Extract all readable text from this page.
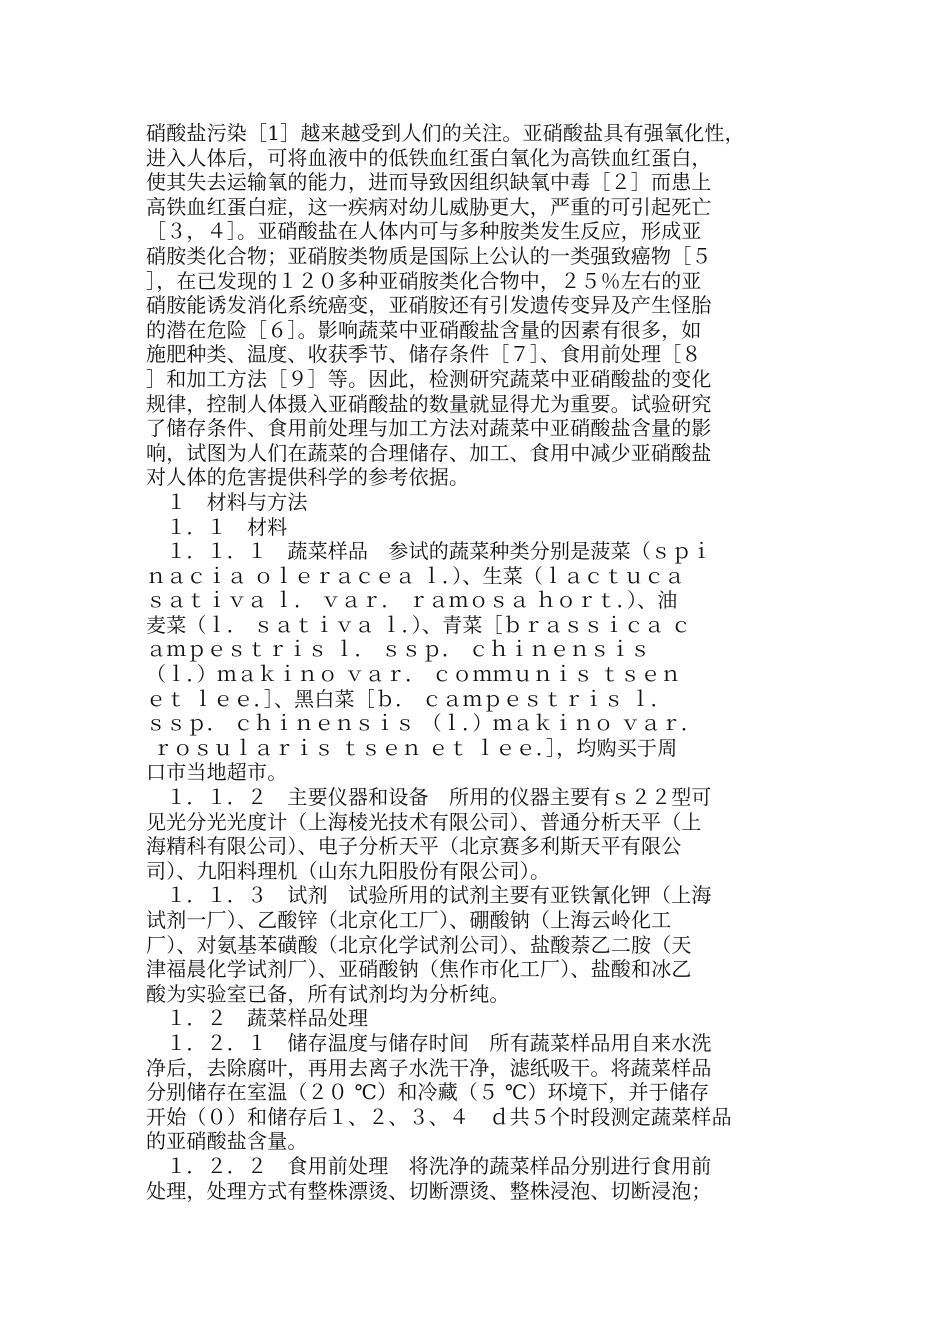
硝酸盐污染［1］越来越受到人们的关注。亚硝酸盐具有强氧化性，
进入人体后，可将血液中的低铁血红蛋白氧化为高铁血红蛋白，
使其失去运输氧的能力，进而导致因组织缺氧中毒［２］而患上
高铁血红蛋白症，这一疾病对幼儿威胁更大，严重的可引起死亡
［３，４］。亚硝酸盐在人体内可与多种胺类发生反应，形成亚
硝胺类化合物；亚硝胺类物质是国际上公认的一类强致癌物［５
］，在已发现的１２０多种亚硝胺类化合物中，２５％左右的亚
硝胺能诱发消化系统癌变，亚硝胺还有引发遗传变异及产生怪胎
的潜在危险［６］。影响蔬菜中亚硝酸盐含量的因素有很多，如
施肥种类、温度、收获季节、储存条件［７］、食用前处理［８
］和加工方法［９］等。因此，检测研究蔬菜中亚硝酸盐的变化
规律，控制人体摄入亚硝酸盐的数量就显得尤为重要。试验研究
了储存条件、食用前处理与加工方法对蔬菜中亚硝酸盐含量的影
响，试图为人们在蔬菜的合理储存、加工、食用中减少亚硝酸盐
对人体的危害提供科学的参考依据。
　１　材料与方法
　１．１　材料
　１．１．１　蔬菜样品　参试的蔬菜种类分别是菠菜（ｓｐｉ
ｎａｃｉａ ｏｌｅｒａｃｅａ ｌ．）、生菜（ｌａｃｔｕｃａ
ｓａｔｉｖａ ｌ． ｖａｒ． ｒａｍｏｓａ ｈｏｒｔ．）、油
麦菜（ｌ． ｓａｔｉｖａ ｌ．）、青菜［ｂｒａｓｓｉｃａ ｃ
ａｍｐｅｓｔｒｉｓ ｌ． ｓｓｐ． ｃｈｉｎｅｎｓｉｓ
（ｌ．）ｍａｋｉｎｏ ｖａｒ． ｃｏｍｍｕｎｉｓ ｔｓｅｎ
ｅｔ ｌｅｅ．］、黑白菜［ｂ． ｃａｍｐｅｓｔｒｉｓ ｌ．
ｓｓｐ． ｃｈｉｎｅｎｓｉｓ （ｌ．）ｍａｋｉｎｏ ｖａｒ．
ｒｏｓｕｌａｒｉｓ ｔｓｅｎ ｅｔ ｌｅｅ．］，均购买于周
口市当地超市。
　１．１．２　主要仪器和设备　所用的仪器主要有ｓ２２型可
见光分光光度计（上海棱光技术有限公司）、普通分析天平（上
海精科有限公司）、电子分析天平（北京赛多利斯天平有限公
司）、九阳料理机（山东九阳股份有限公司）。
　１．１．３　试剂　试验所用的试剂主要有亚铁氰化钾（上海
试剂一厂）、乙酸锌（北京化工厂）、硼酸钠（上海云岭化工
厂）、对氨基苯磺酸（北京化学试剂公司）、盐酸萘乙二胺（天
津福晨化学试剂厂）、亚硝酸钠（焦作市化工厂）、盐酸和冰乙
酸为实验室已备，所有试剂均为分析纯。
　１．２　蔬菜样品处理
　１．２．１　储存温度与储存时间　所有蔬菜样品用自来水洗
净后，去除腐叶，再用去离子水洗干净，滤纸吸干。将蔬菜样品
分别储存在室温（２０ ℃）和冷藏（５ ℃）环境下，并于储存
开始（０）和储存后１、２、３、４　ｄ共５个时段测定蔬菜样品
的亚硝酸盐含量。
　１．２．２　食用前处理　将洗净的蔬菜样品分别进行食用前
处理，处理方式有整株漂烫、切断漂烫、整株浸泡、切断浸泡；
